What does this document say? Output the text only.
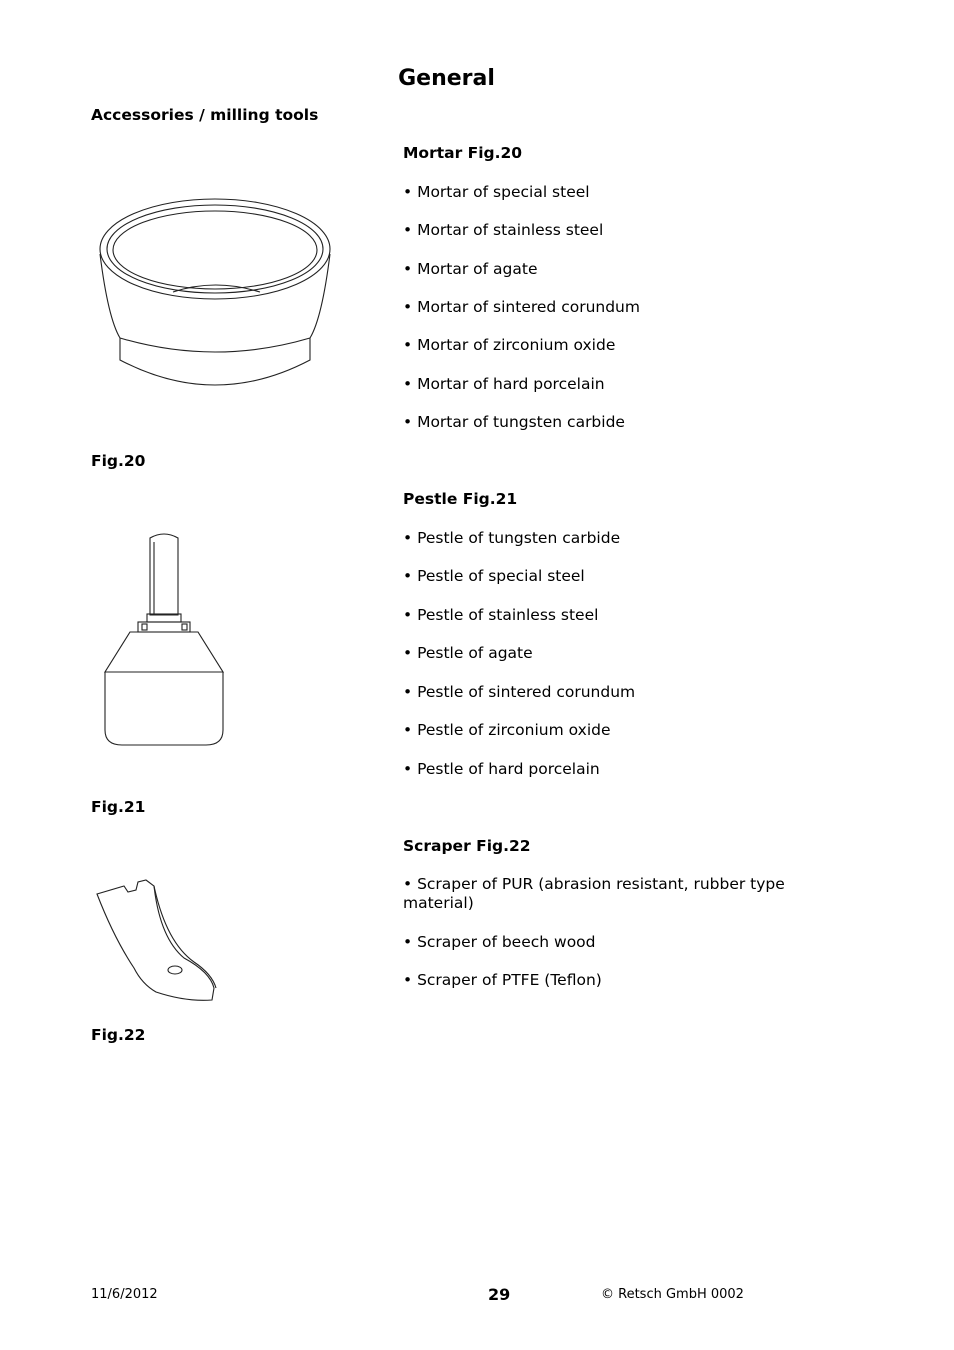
General
Accessories / milling tools
Mortar Fig.20
• Mortar of special steel
• Mortar of stainless steel
• Mortar of agate
• Mortar of sintered corundum
• Mortar of zirconium oxide
• Mortar of hard porcelain
• Mortar of tungsten carbide
Fig.20
Pestle Fig.21
• Pestle of tungsten carbide
• Pestle of special steel
• Pestle of stainless steel
• Pestle of agate
• Pestle of sintered corundum
• Pestle of zirconium oxide
• Pestle of hard porcelain
Fig.21
Scraper Fig.22
• Scraper of PUR (abrasion resistant, rubber type material)
• Scraper of beech wood
• Scraper of PTFE (Teflon)
Fig.22
11/6/2012	29	© Retsch GmbH 0002
